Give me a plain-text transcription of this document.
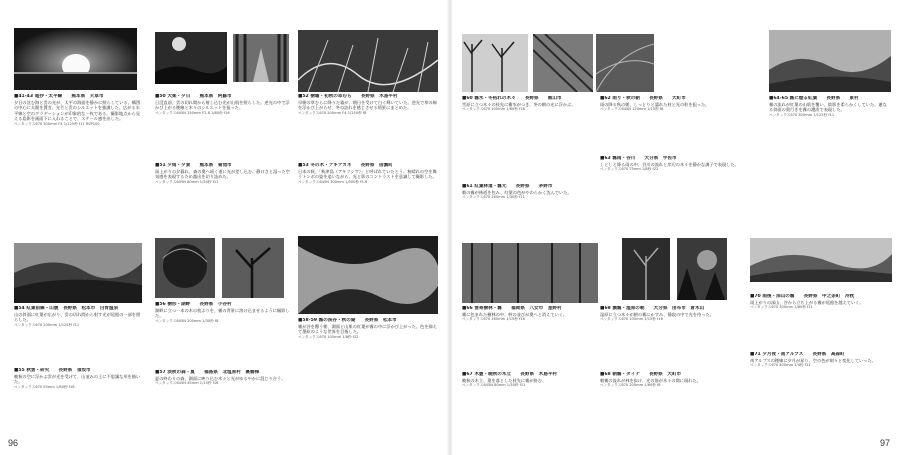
■41-43 竜抄・太平線　　熊本県　天草市
夕日の沈む海と雲の光が、太平の海面を静かに照らしている。構図の中心に太陽を置き、光芒と雲のシルエットを強調した。広がる水平線と空のグラデーションが印象的な一枚である。撮影地点から見える島影を画面下に入れることで、スケール感を出した。
ペンタックス67II 300mm F4 1/125秒 f11 RVP100
■50 大楽・夕日　　熊本県　阿蘇市
日没直前、雲の切れ間から射し込む光が山肌を照らした。逆光の中で浮かび上がる稜線と木々のシルエットを狙った。
ペンタックス645N 150mm F2.8 1/60秒 f16
■51 夕雨・夕景　　熊本県　菊池市
雨上がりの夕暮れ、森の奥へ続く道に光が差し込む。静けさと湿った空気感を表現するため露出を切り詰めた。
ペンタックス645N 80mm 1/30秒 f11
■52 樹霜・初秋の草むら　　長野県　木島平村
早朝の草むらに降りた霜が、朝日を受けて白く輝いていた。逆光で草の線を浮かび上がらせ、冬の訪れを感じさせる情景にまとめた。
ペンタックス67II 200mm F4 1/250秒 f8
■53 冬の木・アキアカネ　　長野県　信濃町
日本の秋、「秋津島（アキツシマ）」と呼ばれていたとう。秋晴れの空を舞うトンボの姿を追いながら、光と影のコントラストを意識して撮影した。
ペンタックス645N 300mm 1/500秒 f5.6
■54 紅葉前線・山腹　長野県　松本市　白骨温泉
山の斜面に紅葉が広がり、雲の切れ間から射す光が尾根の一部を照らした。
ペンタックス67II 200mm 1/125秒 f11
■55 秋雲・研究　　長野県　須坂市
晩秋の空に浮かぶ雲が光を受けて、山並みの上に不思議な形を描いた。
ペンタックス67II 55mm 1/60秒 f16
■56 樹形・湖畔　　長野県　小谷村
湖畔に立つ一本の木の枝ぶりを、霧の背景に溶け込ませるように撮影した。
ペンタックス645N 200mm 1/30秒 f8
■57 淡秋の森・夏　　福島県　北塩原村　裏磐梯
夏の終わりの森、湖面に映り込む木々と光がゆるやかに混じり合う。
ペンタックス645N 45mm 1/15秒 f16
■58-59 霧の渓谷・秋の湖　　長野県　松本市
霧が谷を覆う朝、湖面と山肌の紅葉が霧の中に浮かび上がった。色を抑えて墨絵のような世界を目指した。
ペンタックス67II 105mm 1/8秒 f22
96
■60 霧氷・冬枯れの木々　　長野県　　飯山市
雪原に立つ木々の枝先に霧氷がつき、冬の朝の光に浮かぶ。
ペンタックス67II 105mm 1/60秒 f16
■61 紅葉林道・霧元　　長野県　　茅野市
朝の霧が林道を包み、紅葉の色がやわらかく沈んでいた。
ペンタックス67II 165mm 1/30秒 f11
■62 雨り・秋の朝　　長野県　　大町市
雨の降る秋の朝、しっとりと濡れた枝と光の粒を狙った。
ペンタックス645N 120mm 1/15秒 f8
■63 霧雨・谷川　　大分県　宇佐市　
しとしと降る雨の中、谷川の流れと岸辺の木々を静かな調子で表現した。
ペンタックス67II 75mm 1/8秒 f22
■64-65 霧に煙る紅葉　　長野県　　東村
霧の流れが紅葉の山肌を覆い、陰影を柔らかくしていた。連なる斜面の奥行きを霧の濃淡で表現した。
ペンタックス67II 300mm 1/125秒 f11
■66 雲寄樹林・霧　　福岡県　八女市　星野村
霧に包まれた樹林の中、幹の並びが奥へと消えていく。
ペンタックス67II 165mm 1/15秒 f16
■67 木霊・晩秋の木立　　長野県　木島平村
晩秋の木立、葉を落とした枝先に霧が絡む。
ペンタックス645N 80mm 1/30秒 f11
■68 朝霧・ダイナ　　長野県　大町市
朝霧の流れが林を抜け、光の筋が木々の間に現れた。
ペンタックス67II 200mm 1/60秒 f8
■69 濃霧・湿原の朝　　大分県　由布市　倉木山
湿原に立つ木々が朝の霧にかすみ、静寂の中で光を待った。
ペンタックス67II 105mm 1/15秒 f16
■70 雨後・深山の霧　　長野県　中之条町　冷枕
雨上がりの深山、谷から立ち上がる霧が尾根を越えていく。
ペンタックス67II 300mm 1/60秒 f11
■71 夕月夜・南アルプス　　長野県　高森町
南アルプスの稜線に夕月が昇り、空の色が刻々と変化していった。
ペンタックス67II 400mm 1/4秒 f11
97
